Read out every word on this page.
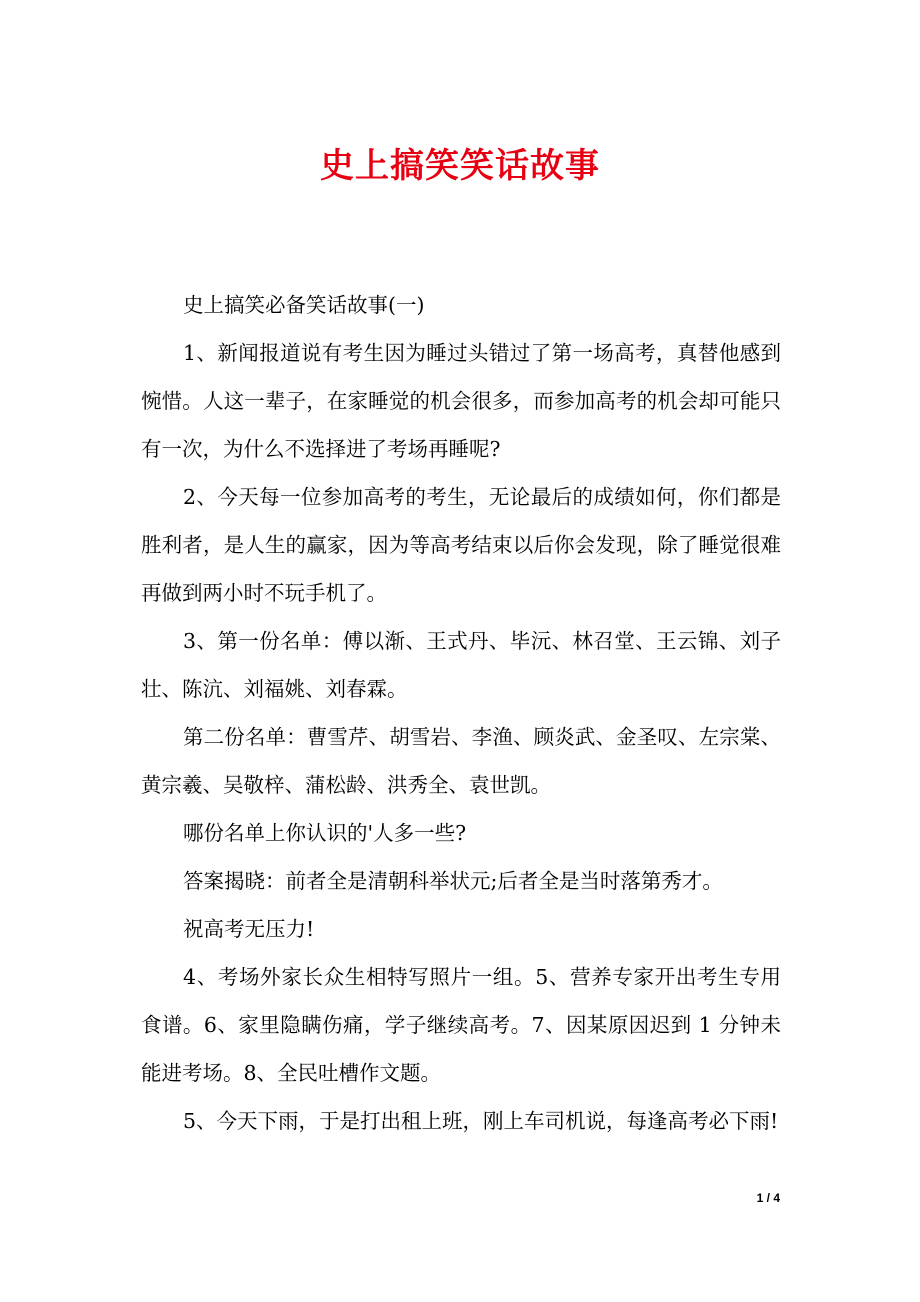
史上搞笑笑话故事

史上搞笑必备笑话故事(一)

1、新闻报道说有考生因为睡过头错过了第一场高考，真替他感到惋惜。人这一辈子，在家睡觉的机会很多，而参加高考的机会却可能只有一次，为什么不选择进了考场再睡呢?

2、今天每一位参加高考的考生，无论最后的成绩如何，你们都是胜利者，是人生的赢家，因为等高考结束以后你会发现，除了睡觉很难再做到两小时不玩手机了。

3、第一份名单：傅以渐、王式丹、毕沅、林召堂、王云锦、刘子壮、陈沆、刘福姚、刘春霖。

第二份名单：曹雪芹、胡雪岩、李渔、顾炎武、金圣叹、左宗棠、黄宗羲、吴敬梓、蒲松龄、洪秀全、袁世凯。

哪份名单上你认识的'人多一些?

答案揭晓：前者全是清朝科举状元;后者全是当时落第秀才。

祝高考无压力!

4、考场外家长众生相特写照片一组。5、营养专家开出考生专用食谱。6、家里隐瞒伤痛，学子继续高考。7、因某原因迟到 1 分钟未能进考场。8、全民吐槽作文题。

5、今天下雨，于是打出租上班，刚上车司机说，每逢高考必下雨!

1 / 4
